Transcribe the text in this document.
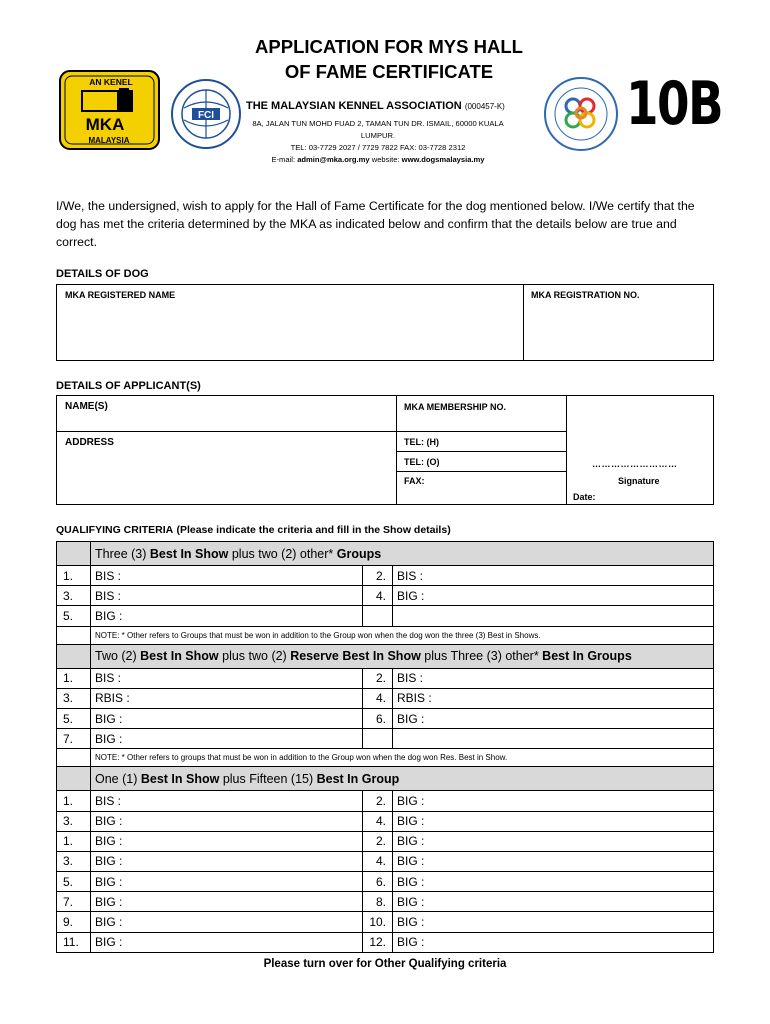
AN KENEL
MKA
MALAYSIA
FCI
APPLICATION FOR MYS HALL
OF FAME CERTIFICATE
THE MALAYSIAN KENNEL ASSOCIATION (000457-K)
8A, JALAN TUN MOHD FUAD 2, TAMAN TUN DR. ISMAIL, 60000 KUALA LUMPUR.
TEL: 03-7729 2027 / 7729 7822 FAX: 03-7728 2312
E-mail: admin@mka.org.my website: www.dogsmalaysia.my
10B
I/We, the undersigned, wish to apply for the Hall of Fame Certificate for the dog mentioned below. I/We certify that the dog has met the criteria determined by the MKA as indicated below and confirm that the details below are true and correct.
DETAILS OF DOG
MKA REGISTERED NAME	MKA REGISTRATION NO.
DETAILS OF APPLICANT(S)
NAME(S)	MKA MEMBERSHIP NO.
ADDRESS	TEL: (H)
TEL: (O)
FAX:
………………………
Signature
Date:
QUALIFYING CRITERIA (Please indicate the criteria and fill in the Show details)
	Three (3) Best In Show plus two (2) other* Groups		
1.	BIS :	2.	BIS :
3.	BIS :	4.	BIG :
5.	BIG :		
	NOTE: * Other refers to Groups that must be won in addition to the Group won when the dog won the three (3) Best in Shows.		
	Two (2) Best In Show plus two (2) Reserve Best In Show plus Three (3) other* Best In Groups		
1.	BIS :	2.	BIS :
3.	RBIS :	4.	RBIS :
5.	BIG :	6.	BIG :
7.	BIG :		
	NOTE: * Other refers to groups that must be won in addition to the Group won when the dog won Res. Best in Show.		
	One (1) Best In Show plus Fifteen (15) Best In Group		
1.	BIS :	2.	BIG :
3.	BIG :	4.	BIG :
1.	BIG :	2.	BIG :
3.	BIG :	4.	BIG :
5.	BIG :	6.	BIG :
7.	BIG :	8.	BIG :
9.	BIG :	10.	BIG :
11.	BIG :	12.	BIG :
Please turn over for Other Qualifying criteria
